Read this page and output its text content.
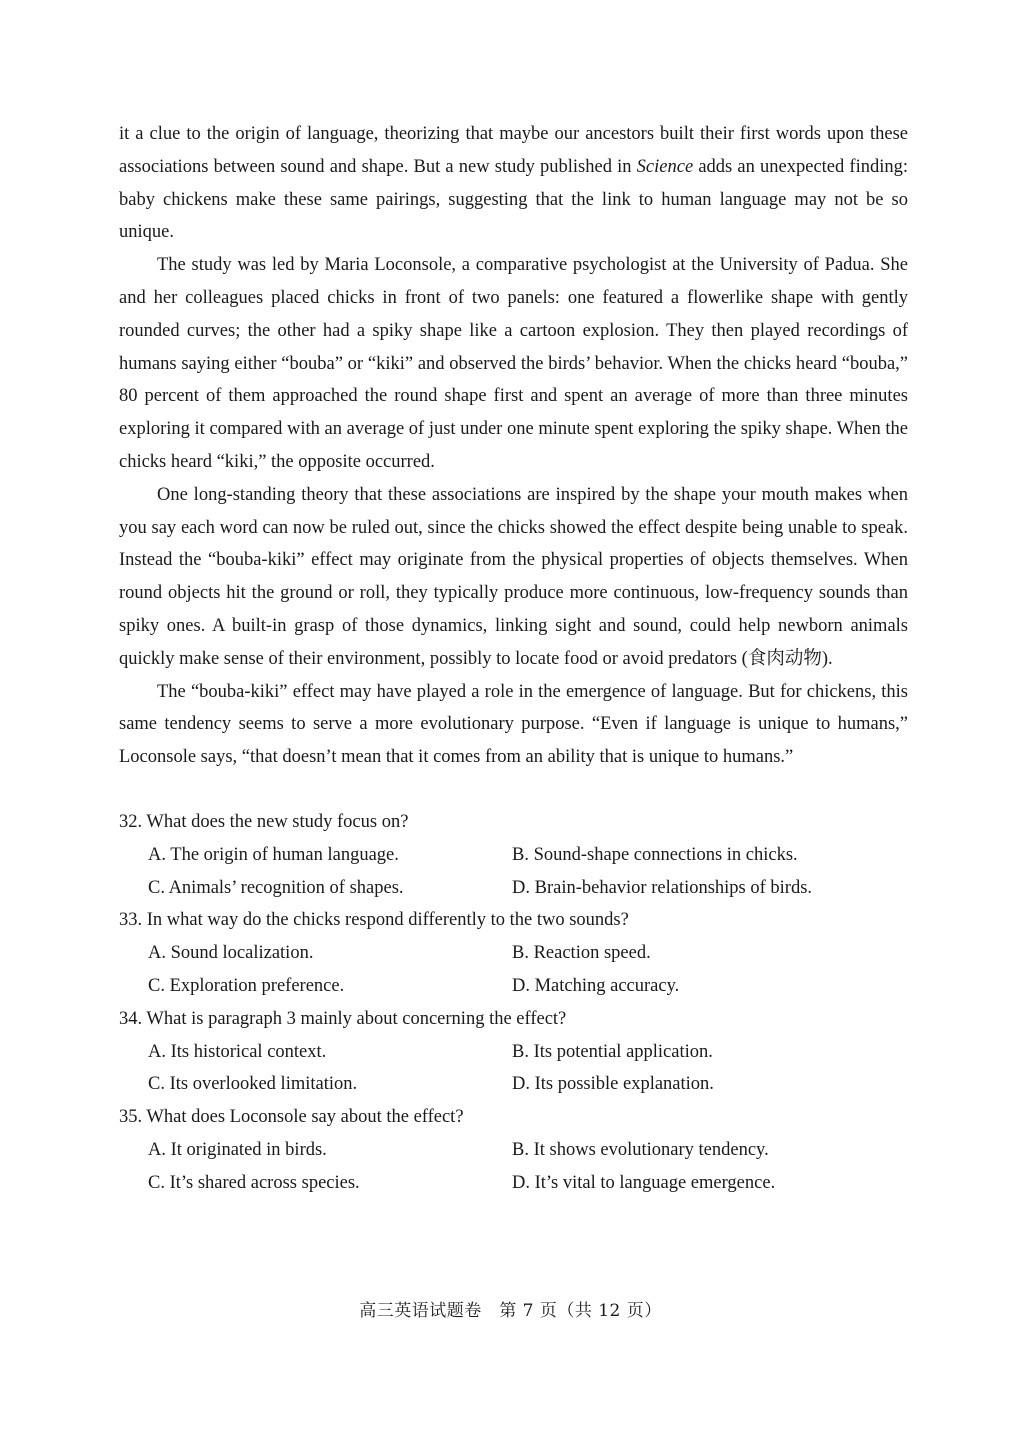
it a clue to the origin of language, theorizing that maybe our ancestors built their first words upon these associations between sound and shape. But a new study published in Science adds an unexpected finding: baby chickens make these same pairings, suggesting that the link to human language may not be so unique.

The study was led by Maria Loconsole, a comparative psychologist at the University of Padua. She and her colleagues placed chicks in front of two panels: one featured a flowerlike shape with gently rounded curves; the other had a spiky shape like a cartoon explosion. They then played recordings of humans saying either “bouba” or “kiki” and observed the birds’ behavior. When the chicks heard “bouba,” 80 percent of them approached the round shape first and spent an average of more than three minutes exploring it compared with an average of just under one minute spent exploring the spiky shape. When the chicks heard “kiki,” the opposite occurred.

One long-standing theory that these associations are inspired by the shape your mouth makes when you say each word can now be ruled out, since the chicks showed the effect despite being unable to speak. Instead the “bouba-kiki” effect may originate from the physical properties of objects themselves. When round objects hit the ground or roll, they typically produce more continuous, low-frequency sounds than spiky ones. A built-in grasp of those dynamics, linking sight and sound, could help newborn animals quickly make sense of their environment, possibly to locate food or avoid predators (食肉动物).

The “bouba-kiki” effect may have played a role in the emergence of language. But for chickens, this same tendency seems to serve a more evolutionary purpose. “Even if language is unique to humans,” Loconsole says, “that doesn’t mean that it comes from an ability that is unique to humans.”

32. What does the new study focus on?

A. The origin of human language.	B. Sound-shape connections in chicks.
C. Animals’ recognition of shapes.	D. Brain-behavior relationships of birds.

33. In what way do the chicks respond differently to the two sounds?

A. Sound localization.	B. Reaction speed.
C. Exploration preference.	D. Matching accuracy.

34. What is paragraph 3 mainly about concerning the effect?

A. Its historical context.	B. Its potential application.
C. Its overlooked limitation.	D. Its possible explanation.

35. What does Loconsole say about the effect?

A. It originated in birds.	B. It shows evolutionary tendency.
C. It’s shared across species.	D. It’s vital to language emergence.
高三英语试题卷　第 7 页（共 12 页）
